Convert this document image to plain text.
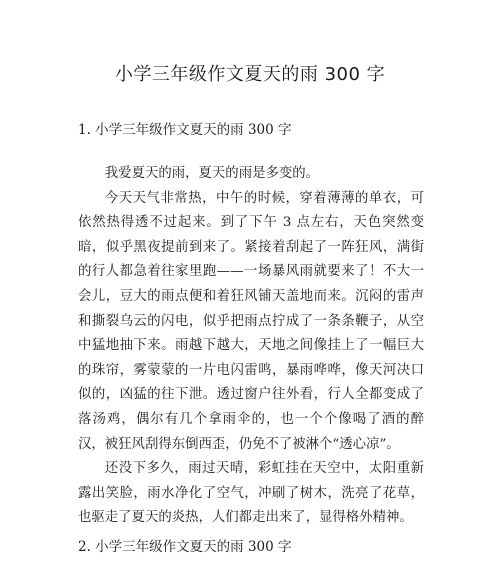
小学三年级作文夏天的雨 300 字
1. 小学三年级作文夏天的雨 300 字

我爱夏天的雨，夏天的雨是多变的。

今天天气非常热，中午的时候，穿着薄薄的单衣，可依然热得透不过起来。到了下午 3 点左右，天色突然变暗，似乎黑夜提前到来了。紧接着刮起了一阵狂风，满街的行人都急着往家里跑——一场暴风雨就要来了！不大一会儿，豆大的雨点便和着狂风铺天盖地而来。沉闷的雷声和撕裂乌云的闪电，似乎把雨点拧成了一条条鞭子，从空中猛地抽下来。雨越下越大，天地之间像挂上了一幅巨大的珠帘，雾蒙蒙的一片电闪雷鸣，暴雨哗哗，像天河决口似的，凶猛的往下泄。透过窗户往外看，行人全都变成了落汤鸡，偶尔有几个拿雨伞的，也一个个像喝了酒的醉汉，被狂风刮得东倒西歪，仍免不了被淋个“透心凉”。

还没下多久，雨过天晴，彩虹挂在天空中，太阳重新露出笑脸，雨水净化了空气，冲刷了树木，洗亮了花草，也驱走了夏天的炎热，人们都走出来了，显得格外精神。

2. 小学三年级作文夏天的雨 300 字
